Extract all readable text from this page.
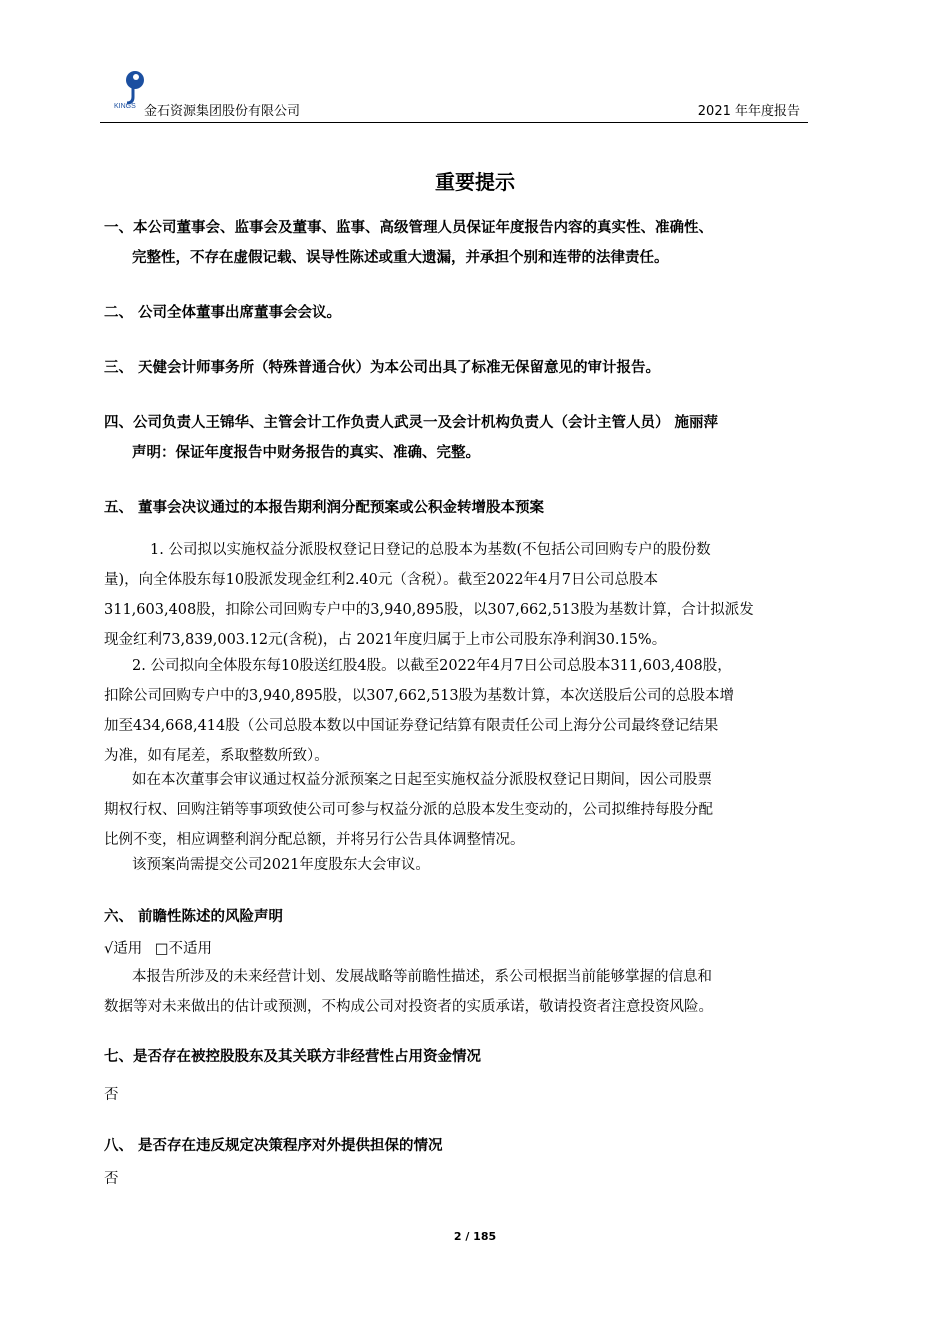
KINGS 金石资源集团股份有限公司	2021 年年度报告
重要提示
一、本公司董事会、监事会及董事、监事、高级管理人员保证年度报告内容的真实性、准确性、
完整性，不存在虚假记载、误导性陈述或重大遗漏，并承担个别和连带的法律责任。
二、 公司全体董事出席董事会会议。
三、 天健会计师事务所（特殊普通合伙）为本公司出具了标准无保留意见的审计报告。
四、公司负责人王锦华、主管会计工作负责人武灵一及会计机构负责人（会计主管人员） 施丽萍
声明：保证年度报告中财务报告的真实、准确、完整。
五、 董事会决议通过的本报告期利润分配预案或公积金转增股本预案
1. 公司拟以实施权益分派股权登记日登记的总股本为基数(不包括公司回购专户的股份数
量)，向全体股东每10股派发现金红利2.40元（含税）。截至2022年4月7日公司总股本
311,603,408股，扣除公司回购专户中的3,940,895股，以307,662,513股为基数计算，合计拟派发
现金红利73,839,003.12元(含税)，占 2021年度归属于上市公司股东净利润30.15%。
2. 公司拟向全体股东每10股送红股4股。以截至2022年4月7日公司总股本311,603,408股，
扣除公司回购专户中的3,940,895股，以307,662,513股为基数计算，本次送股后公司的总股本增
加至434,668,414股（公司总股本数以中国证券登记结算有限责任公司上海分公司最终登记结果
为准，如有尾差，系取整数所致）。
如在本次董事会审议通过权益分派预案之日起至实施权益分派股权登记日期间，因公司股票
期权行权、回购注销等事项致使公司可参与权益分派的总股本发生变动的，公司拟维持每股分配
比例不变，相应调整利润分配总额，并将另行公告具体调整情况。
该预案尚需提交公司2021年度股东大会审议。
六、 前瞻性陈述的风险声明
√适用 □不适用
本报告所涉及的未来经营计划、发展战略等前瞻性描述，系公司根据当前能够掌握的信息和
数据等对未来做出的估计或预测，不构成公司对投资者的实质承诺，敬请投资者注意投资风险。
七、是否存在被控股股东及其关联方非经营性占用资金情况
否
八、 是否存在违反规定决策程序对外提供担保的情况
否
2 / 185
